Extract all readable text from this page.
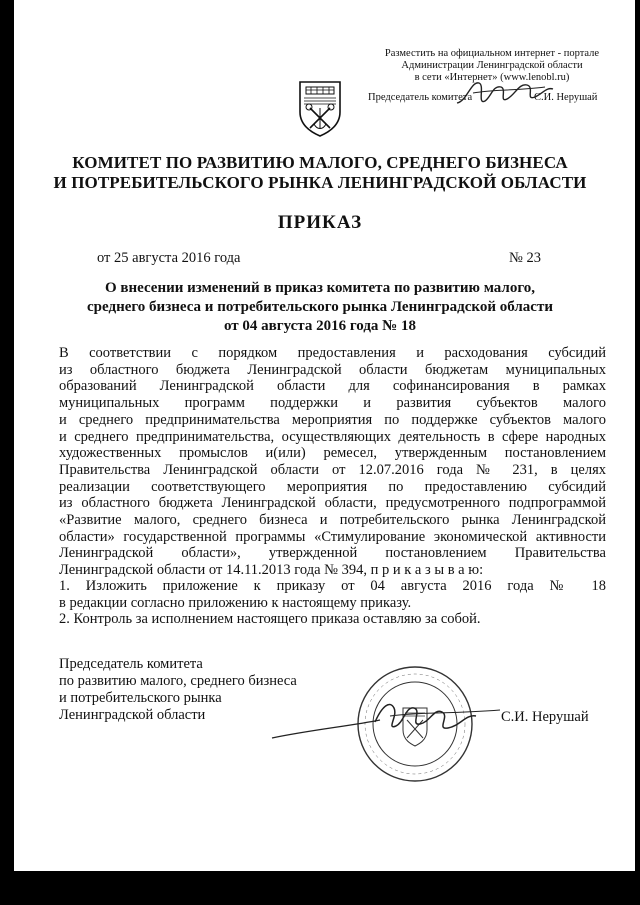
Разместить на официальном интернет - портале
Администрации Ленинградской области
в сети «Интернет» (www.lenobl.ru)
Председатель комитета	С.И. Нерушай
КОМИТЕТ ПО РАЗВИТИЮ МАЛОГО, СРЕДНЕГО БИЗНЕСА
И ПОТРЕБИТЕЛЬСКОГО РЫНКА ЛЕНИНГРАДСКОЙ ОБЛАСТИ
ПРИКАЗ
от 25 августа 2016 года	№ 23
О внесении изменений в приказ комитета по развитию малого,
среднего бизнеса и потребительского рынка Ленинградской области
от 04 августа 2016 года № 18
В соответствии с порядком предоставления и расходования субсидий
из областного бюджета Ленинградской области бюджетам муниципальных
образований Ленинградской области для софинансирования в рамках
муниципальных программ поддержки и развития субъектов малого
и среднего предпринимательства мероприятия по поддержке субъектов малого
и среднего предпринимательства, осуществляющих деятельность в сфере народных
художественных промыслов и(или) ремесел, утвержденным постановлением
Правительства Ленинградской области от 12.07.2016 года № 231, в целях
реализации соответствующего мероприятия по предоставлению субсидий
из областного бюджета Ленинградской области, предусмотренного подпрограммой
«Развитие малого, среднего бизнеса и потребительского рынка Ленинградской
области» государственной программы «Стимулирование экономической активности
Ленинградской области», утвержденной постановлением Правительства
Ленинградской области от 14.11.2013 года № 394, п р и к а з ы в а ю:
1. Изложить приложение к приказу от 04 августа 2016 года № 18
в редакции согласно приложению к настоящему приказу.
2. Контроль за исполнением настоящего приказа оставляю за собой.
Председатель комитета
по развитию малого, среднего бизнеса
и потребительского рынка
Ленинградской области	С.И. Нерушай
